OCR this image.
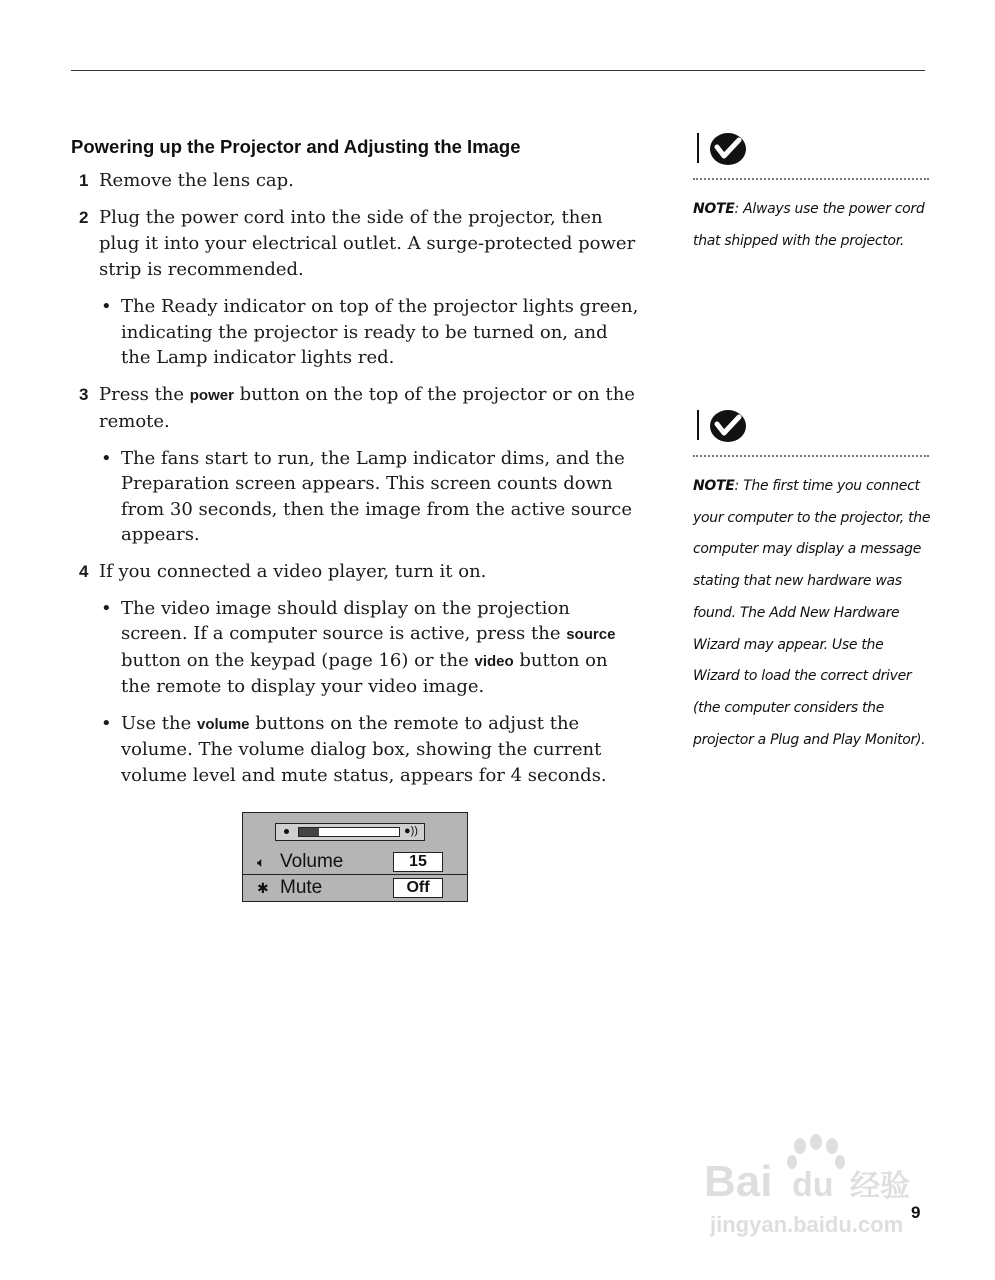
Powering up the Projector and Adjusting the Image
1 Remove the lens cap.
2 Plug the power cord into the side of the projector, then plug it into your electrical outlet. A surge-protected power strip is recommended.
• The Ready indicator on top of the projector lights green, indicating the projector is ready to be turned on, and the Lamp indicator lights red.
3 Press the power button on the top of the projector or on the remote.
• The fans start to run, the Lamp indicator dims, and the Preparation screen appears. This screen counts down from 30 seconds, then the image from the active source appears.
4 If you connected a video player, turn it on.
• The video image should display on the projection screen. If a computer source is active, press the source button on the keypad (page 16) or the video button on the remote to display your video image.
• Use the volume buttons on the remote to adjust the volume. The volume dialog box, showing the current volume level and mute status, appears for 4 seconds.
NOTE: Always use the power cord that shipped with the projector.
NOTE: The first time you connect your computer to the projector, the computer may display a message stating that new hardware was found. The Add New Hardware Wizard may appear. Use the Wizard to load the correct driver (the computer considers the projector a Plug and Play Monitor).
●))
🔈︎ Volume	15
✱ Mute	Off
Bai du 经验
jingyan.baidu.com 9
